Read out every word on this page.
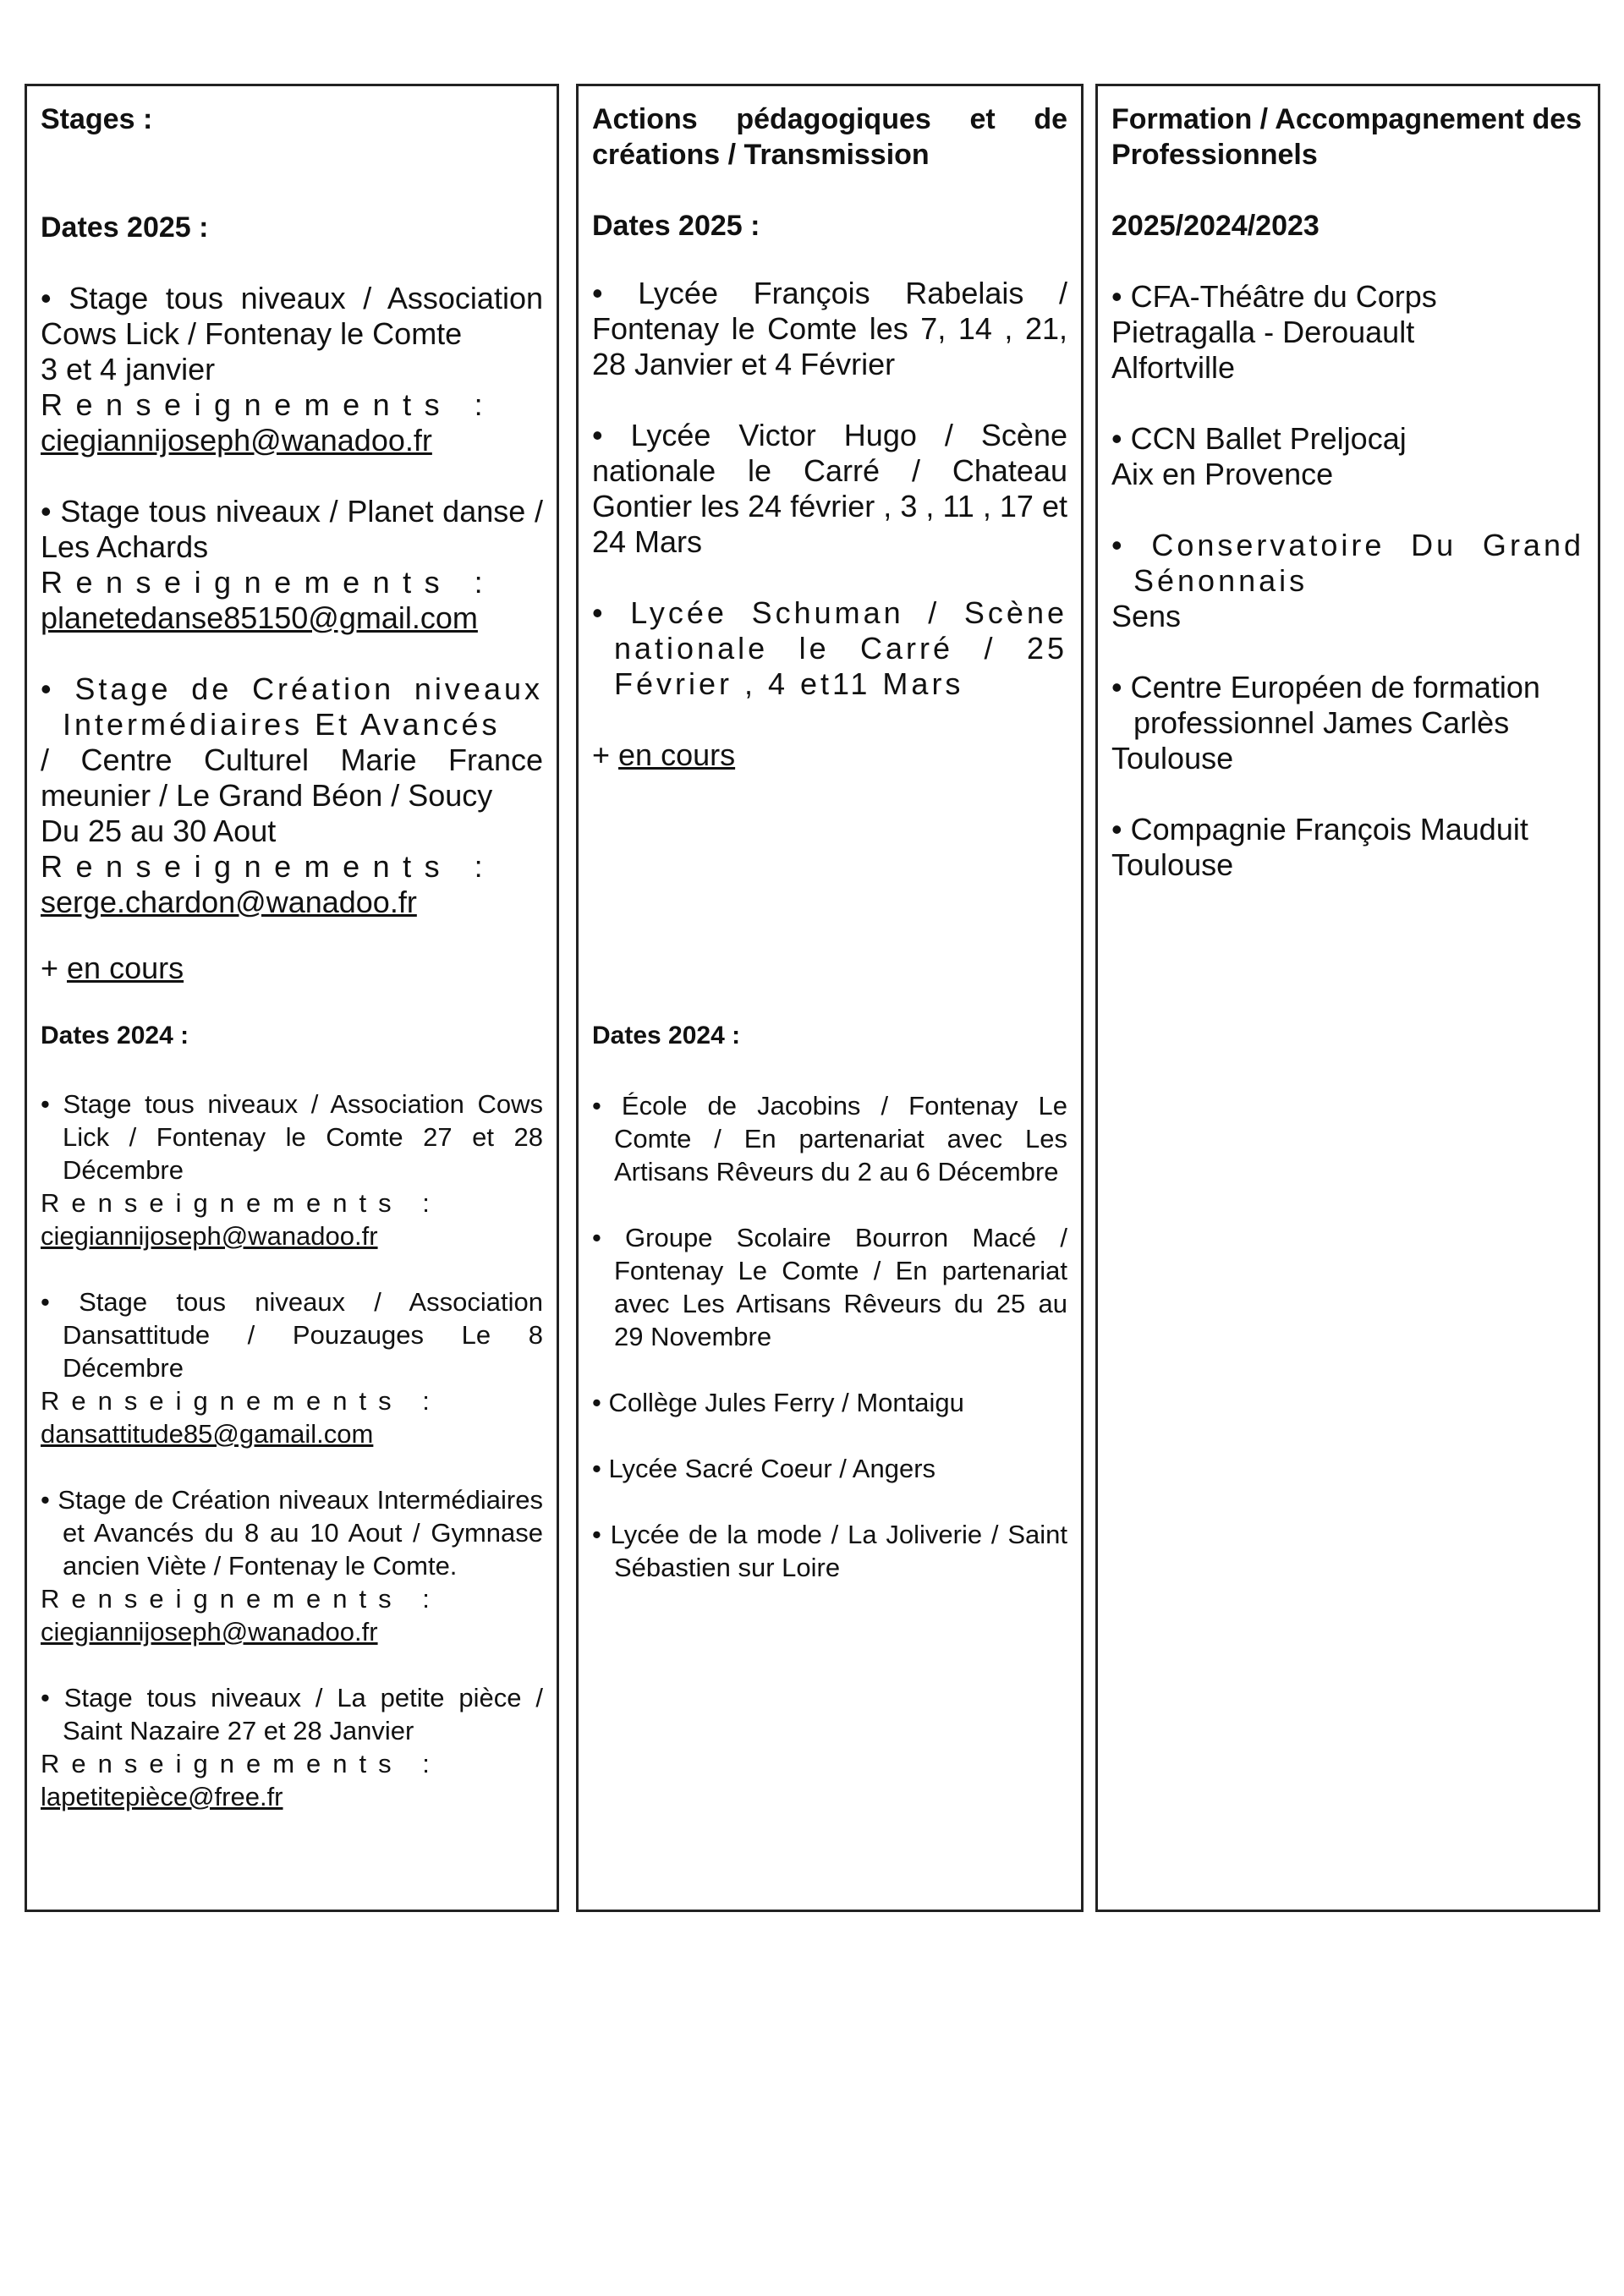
Stages :
Dates 2025 :
• Stage tous niveaux / Association Cows Lick / Fontenay le Comte
3 et 4 janvier
Renseignements :
ciegiannijoseph@wanadoo.fr
• Stage tous niveaux / Planet danse / Les Achards
Renseignements :
planetedanse85150@gmail.com
• Stage de Création niveaux Intermédiaires Et Avancés
/ Centre Culturel Marie France meunier / Le Grand Béon / Soucy
Du 25 au 30 Aout
Renseignements :
serge.chardon@wanadoo.fr
+ en cours
Dates 2024 :
• Stage tous niveaux / Association Cows Lick / Fontenay le Comte 27 et 28 Décembre
Renseignements :
ciegiannijoseph@wanadoo.fr
• Stage tous niveaux / Association Dansattitude / Pouzauges Le 8 Décembre
Renseignements :
dansattitude85@gamail.com
• Stage de Création niveaux Intermédiaires et Avancés du 8 au 10 Aout / Gymnase ancien Viète / Fontenay le Comte.
Renseignements :
ciegiannijoseph@wanadoo.fr
• Stage tous niveaux / La petite pièce / Saint Nazaire 27 et 28 Janvier
Renseignements :
lapetitepièce@free.fr
Actions pédagogiques et de créations / Transmission
Dates 2025 :
• Lycée François Rabelais / Fontenay le Comte les 7, 14 , 21, 28 Janvier et 4 Février
• Lycée Victor Hugo / Scène nationale le Carré / Chateau Gontier les 24 février , 3 , 11 , 17 et 24 Mars
• Lycée Schuman / Scène nationale le Carré / 25 Février , 4 et11 Mars
+ en cours
Dates 2024 :
• École de Jacobins / Fontenay Le Comte / En partenariat avec Les Artisans Rêveurs du 2 au 6 Décembre
• Groupe Scolaire Bourron Macé / Fontenay Le Comte / En partenariat avec Les Artisans Rêveurs du 25 au 29 Novembre
• Collège Jules Ferry / Montaigu
• Lycée Sacré Coeur / Angers
• Lycée de la mode / La Joliverie / Saint Sébastien sur Loire
Formation / Accompagnement des Professionnels
2025/2024/2023
• CFA-Théâtre du Corps Pietragalla - Derouault
Alfortville
• CCN Ballet Preljocaj
Aix en Provence
• Conservatoire Du Grand Sénonnais
Sens
• Centre Européen de formation professionnel James Carlès
Toulouse
• Compagnie François Mauduit
Toulouse
